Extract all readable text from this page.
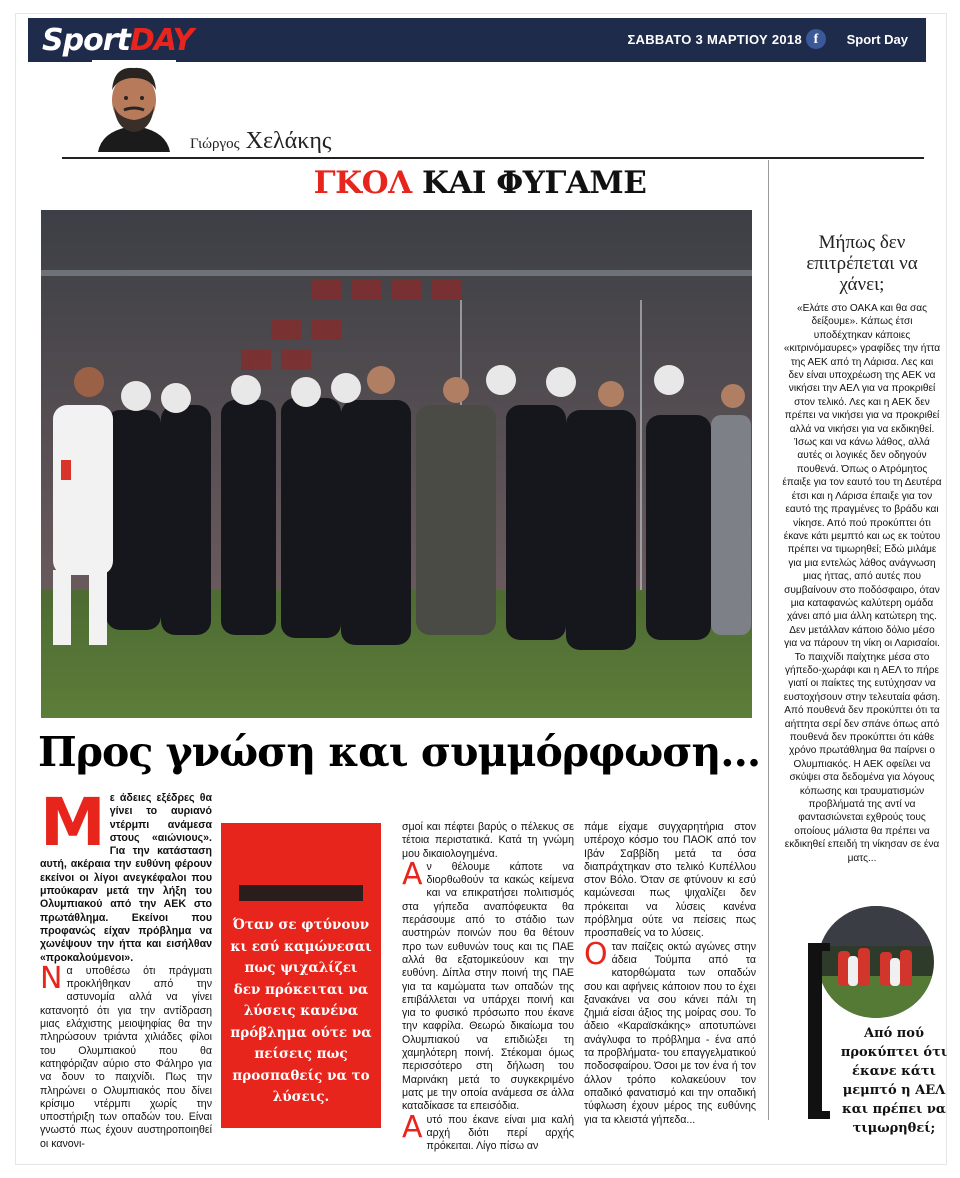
SportDAY	ΣΑΒΒΑΤΟ 3 ΜΑΡΤΙΟΥ 2018 f	Sport Day
Γιώργος Χελάκης
ΓΚΟΛ ΚΑΙ ΦΥΓΑΜΕ
Προς γνώση και συμμόρφωση...

Με άδειες εξέδρες θα γίνει το αυριανό ντέρμπι ανάμεσα στους «αιώνιους». Για την κατάσταση αυτή, ακέραια την ευθύνη φέρουν εκείνοι οι λίγοι ανεγκέφαλοι που μπούκαραν μετά την λήξη του Ολυμπιακού από την ΑΕΚ στο πρωτάθλημα. Εκείνοι που προφανώς είχαν πρόβλημα να χωνέψουν την ήττα και εισήλθαν «προκαλούμενοι».

Να υποθέσω ότι πράγματι προκλήθηκαν από την αστυνομία αλλά να γίνει κατανοητό ότι για την αντίδραση μιας ελάχιστης μειοψηφίας θα την πληρώσουν τριάντα χιλιάδες φίλοι του Ολυμπιακού που θα κατηφόριζαν αύριο στο Φάληρο για να δουν το παιχνίδι. Πως την πληρώνει ο Ολυμπιακός που δίνει κρίσιμο ντέρμπι χωρίς την υποστήριξη των οπαδών του. Είναι γνωστό πως έχουν αυστηροποιηθεί οι κανονι-

Όταν σε φτύνουν κι εσύ καμώνεσαι πως ψιχαλίζει δεν πρόκειται να λύσεις κανένα πρόβλημα ούτε να πείσεις πως προσπαθείς να το λύσεις.

σμοί και πέφτει βαρύς ο πέλεκυς σε τέτοια περιστατικά. Κατά τη γνώμη μου δικαιολογημένα.

Αν θέλουμε κάποτε να διορθωθούν τα κακώς κείμενα και να επικρατήσει πολιτισμός στα γήπεδα αναπόφευκτα θα περάσουμε από το στάδιο των αυστηρών ποινών που θα θέτουν προ των ευθυνών τους και τις ΠΑΕ αλλά θα εξατομικεύουν και την ευθύνη. Δίπλα στην ποινή της ΠΑΕ για τα καμώματα των οπαδών της επιβάλλεται να υπάρχει ποινή και για το φυσικό πρόσωπο που έκανε την καφρίλα. Θεωρώ δικαίωμα του Ολυμπιακού να επιδιώξει τη χαμηλότερη ποινή. Στέκομαι όμως περισσότερο στη δήλωση του Μαρινάκη μετά το συγκεκριμένο ματς με την οποία ανάμεσα σε άλλα καταδίκασε τα επεισόδια.

Αυτό που έκανε είναι μια καλή αρχή διότι περί αρχής πρόκειται. Λίγο πίσω αν

πάμε είχαμε συγχαρητήρια στον υπέροχο κόσμο του ΠΑΟΚ από τον Ιβάν Σαββίδη μετά τα όσα διαπράχτηκαν στο τελικό Κυπέλλου στον Βόλο. Όταν σε φτύνουν κι εσύ καμώνεσαι πως ψιχαλίζει δεν πρόκειται να λύσεις κανένα πρόβλημα ούτε να πείσεις πως προσπαθείς να το λύσεις.

Οταν παίζεις οκτώ αγώνες στην άδεια Τούμπα από τα κατορθώματα των οπαδών σου και αφήνεις κάποιον που το έχει ξανακάνει να σου κάνει πάλι τη ζημιά είσαι άξιος της μοίρας σου. Το άδειο «Καραϊσκάκης» αποτυπώνει ανάγλυφα το πρόβλημα - ένα από τα προβλήματα- του επαγγελματικού ποδοσφαίρου. Όσοι με τον ένα ή τον άλλον τρόπο κολακεύουν τον οπαδικό φανατισμό και την οπαδική τύφλωση έχουν μέρος της ευθύνης για τα κλειστά γήπεδα...

Μήπως δεν επιτρέπεται να χάνει;
«Ελάτε στο ΟΑΚΑ και θα σας δείξουμε». Κάπως έτσι υποδέχτηκαν κάποιες «κιτρινόμαυρες» γραφίδες την ήττα της ΑΕΚ από τη Λάρισα. Λες και δεν είναι υποχρέωση της ΑΕΚ να νικήσει την ΑΕΛ για να προκριθεί στον τελικό. Λες και η ΑΕΚ δεν πρέπει να νικήσει για να προκριθεί αλλά να νικήσει για να εκδικηθεί. Ίσως και να κάνω λάθος, αλλά αυτές οι λογικές δεν οδηγούν πουθενά. Όπως ο Ατρόμητος έπαιξε για τον εαυτό του τη Δευτέρα έτσι και η Λάρισα έπαιξε για τον εαυτό της πραγμένες το βράδυ και νίκησε. Από πού προκύπτει ότι έκανε κάτι μεμπτό και ως εκ τούτου πρέπει να τιμωρηθεί; Εδώ μιλάμε για μια εντελώς λάθος ανάγνωση μιας ήττας, από αυτές που συμβαίνουν στο ποδόσφαιρο, όταν μια καταφανώς καλύτερη ομάδα χάνει από μια άλλη κατώτερη της. Δεν μετάλλαν κάποιο δόλιο μέσο για να πάρουν τη νίκη οι Λαρισαίοι. Το παιχνίδι παίχτηκε μέσα στο γήπεδο-χωράφι και η ΑΕΛ το πήρε γιατί οι παίκτες της ευτύχησαν να ευστοχήσουν στην τελευταία φάση. Από πουθενά δεν προκύπτει ότι τα αήττητα σερί δεν σπάνε όπως από πουθενά δεν προκύπτει ότι κάθε χρόνο πρωτάθλημα θα παίρνει ο Ολυμπιακός. Η ΑΕΚ οφείλει να σκύψει στα δεδομένα για λόγους κόπωσης και τραυματισμών προβλήματά της αντί να φαντασιώνεται εχθρούς τους οποίους μάλιστα θα πρέπει να εκδικηθεί επειδή τη νίκησαν σε ένα ματς...
Από πού προκύπτει ότι έκανε κάτι μεμπτό η ΑΕΛ και πρέπει να τιμωρηθεί;
